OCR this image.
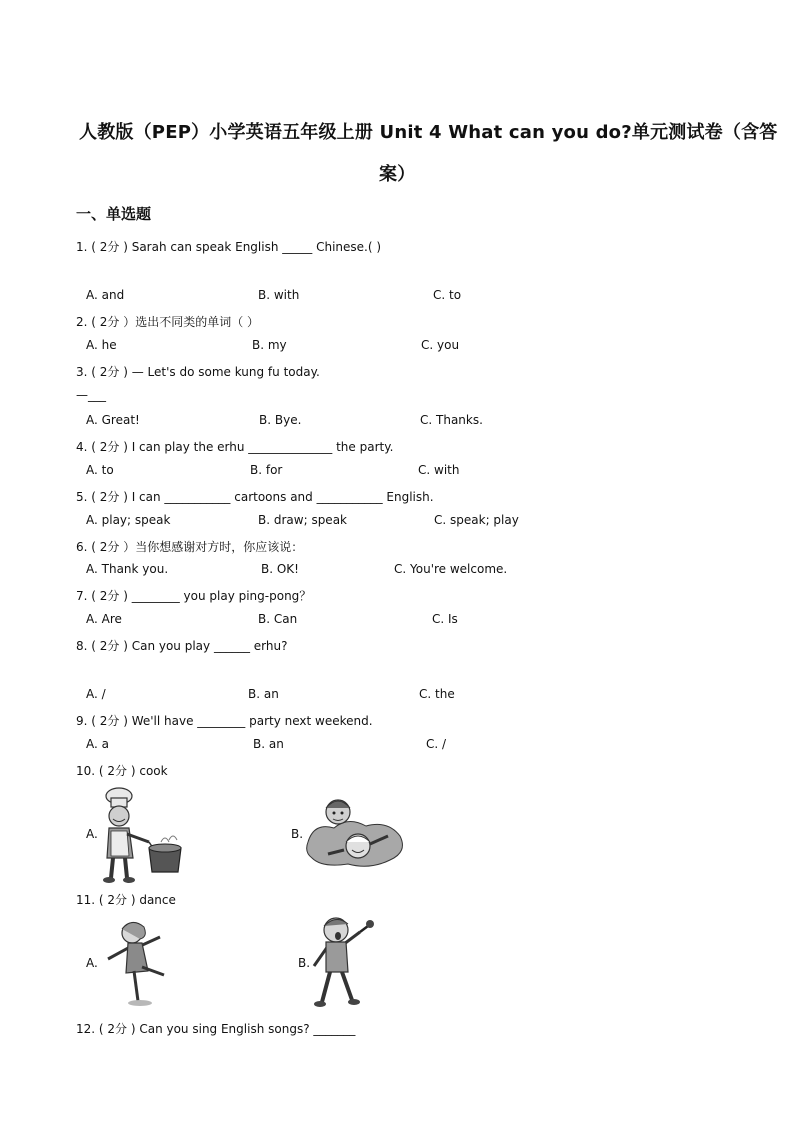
人教版（PEP）小学英语五年级上册 Unit 4 What can you do?单元测试卷（含答
案）
一、单选题
1. ( 2分 ) Sarah can speak English _____ Chinese.( )
A. and	B. with	C. to
2. ( 2分 ）选出不同类的单词（ ）
A. he	B. my	C. you
3. ( 2分 ) — Let's do some kung fu today.
—___
A. Great!	B. Bye.	C. Thanks.
4. ( 2分 ) I can play the erhu ______________ the party.
A. to	B. for	C. with
5. ( 2分 ) I can ___________ cartoons and ___________ English.
A. play; speak	B. draw; speak	C. speak; play
6. ( 2分 ）当你想感谢对方时，你应该说：
A. Thank you.	B. OK!	C. You're welcome.
7. ( 2分 ) ________ you play ping-pong？
A. Are	B. Can	C. Is
8. ( 2分 ) Can you play ______ erhu?
A. /	B. an	C. the
9. ( 2分 ) We'll have ________ party next weekend.
A. a	B. an	C. /
10. ( 2分 ) cook
A.	B.
11. ( 2分 ) dance
A.	B.
12. ( 2分 ) Can you sing English songs? _______
